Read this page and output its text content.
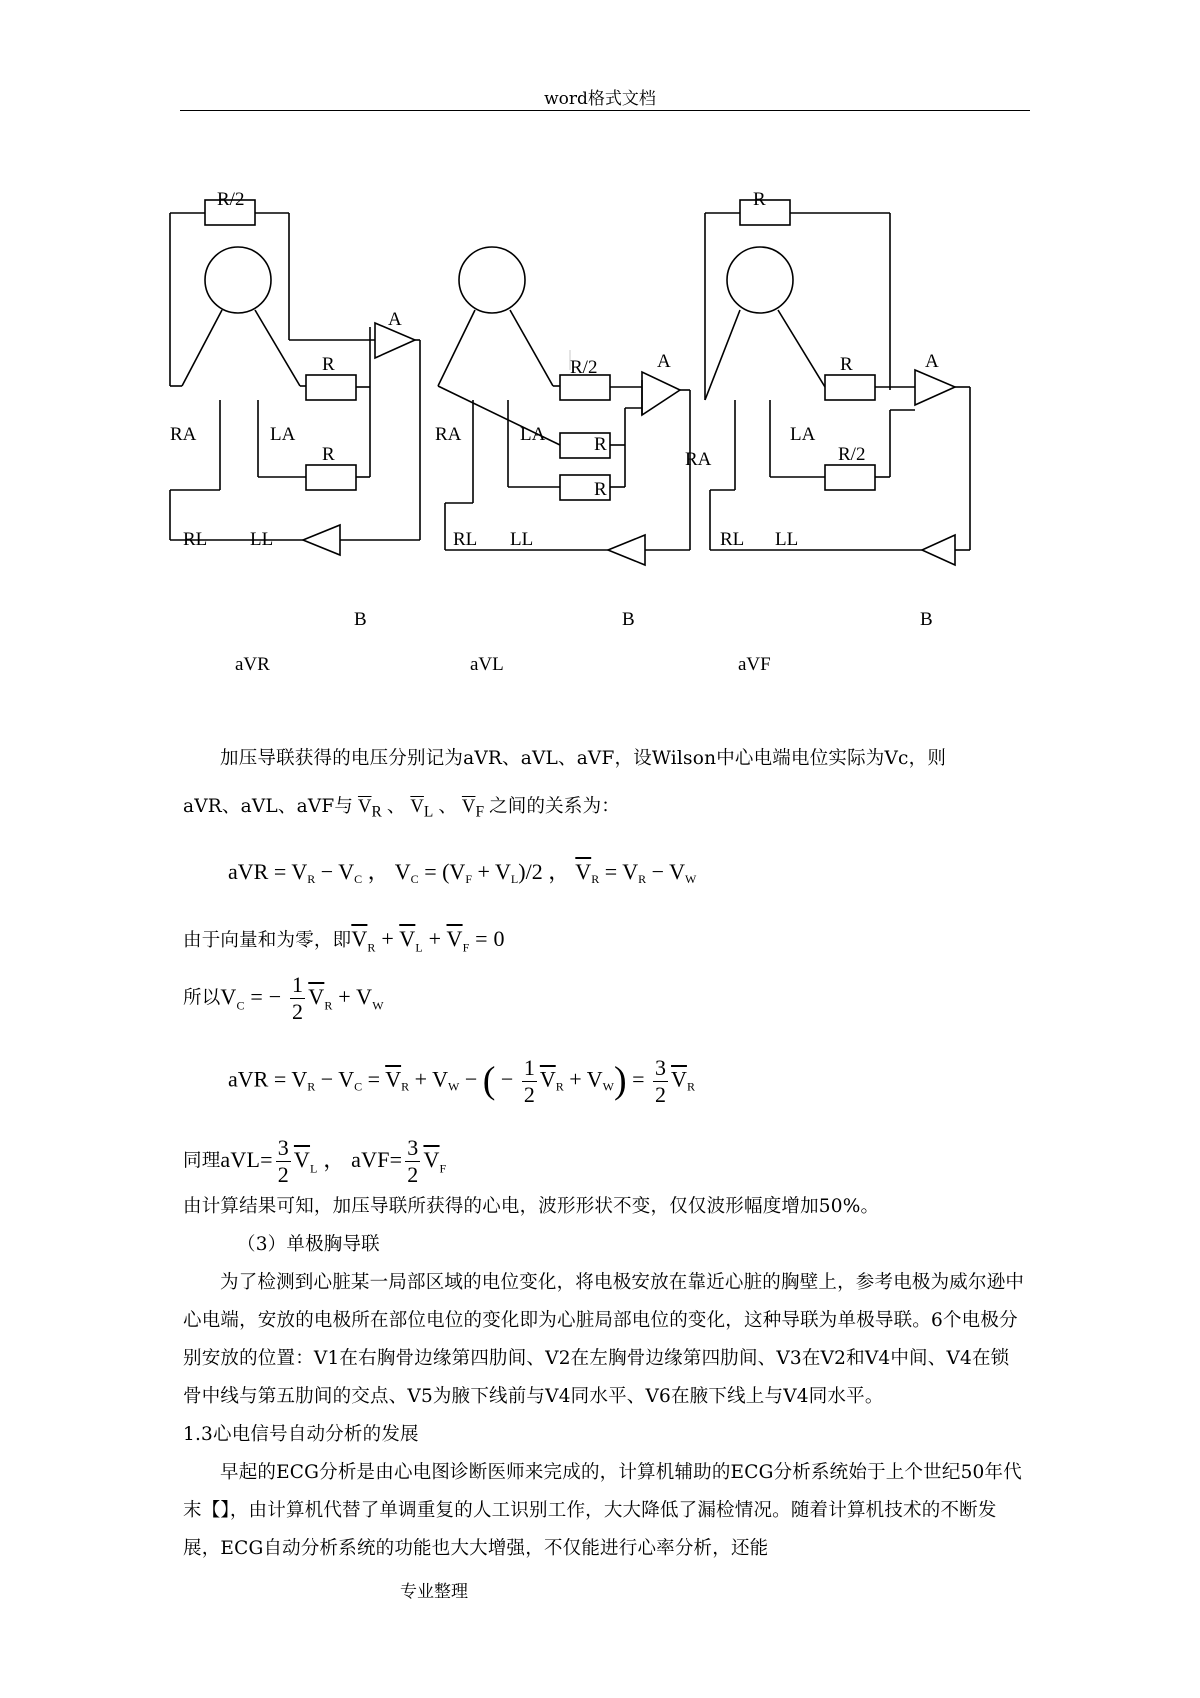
word格式文档
R/2
R
R
RA	LA
RL LL
A
B
R/2
R
R
RA	LA
RL LL
A
B
R
R
R/2
RA
LA
RL LL
A
B
aVR	aVL	aVF
加压导联获得的电压分别记为aVR、aVL、aVF，设Wilson中心电端电位实际为Vc，则
aVR、aVL、aVF与 $\overline{V}_R$ 、 $\overline{V}_L$ 、 $\overline{V}_F$ 之间的关系为：
aVR = $V_R - V_C$ ， $V_C = (V_F + V_L)/2$ ， $\overline{V}_R = V_R - V_W$
由于向量和为零，即$\overline{V}_R + \overline{V}_L + \overline{V}_F = 0$
所以$V_C$ = − $\frac{1}{2} \overline{V}_R + V_W$
aVR = $V_R - V_C = \overline{V}_R + V_W$ − ( − $\frac{1}{2} \overline{V}_R + V_W) = \frac{3}{2} \overline{V}_R$
同理$aVL= \frac{3}{2} \overline{V}_L$ ， $aVF= \frac{3}{2} \overline{V}_F$
由计算结果可知，加压导联所获得的心电，波形形状不变，仅仅波形幅度增加50%。
（3）单极胸导联
为了检测到心脏某一局部区域的电位变化，将电极安放在靠近心脏的胸壁上，参考电极为威尔逊中心电端，安放的电极所在部位电位的变化即为心脏局部电位的变化，这种导联为单极导联。6个电极分别安放的位置：V1在右胸骨边缘第四肋间、V2在左胸骨边缘第四肋间、V3在V2和V4中间、V4在锁骨中线与第五肋间的交点、V5为腋下线前与V4同水平、V6在腋下线上与V4同水平。
1.3心电信号自动分析的发展
早起的ECG分析是由心电图诊断医师来完成的，计算机辅助的ECG分析系统始于上个世纪50年代末【】，由计算机代替了单调重复的人工识别工作，大大降低了漏检情况。随着计算机技术的不断发展，ECG自动分析系统的功能也大大增强，不仅能进行心率分析，还能
专业整理
